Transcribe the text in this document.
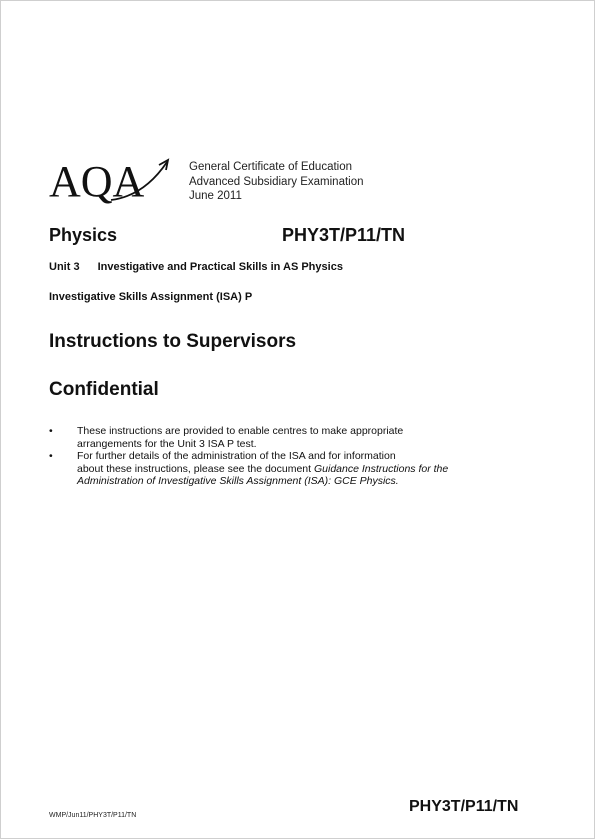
AQA	General Certificate of Education
Advanced Subsidiary Examination
June 2011
Physics	PHY3T/P11/TN
Unit 3 Investigative and Practical Skills in AS Physics
Investigative Skills Assignment (ISA) P
Instructions to Supervisors
Confidential
• These instructions are provided to enable centres to make appropriate
arrangements for the Unit 3 ISA P test.
• For further details of the administration of the ISA and for information
about these instructions, please see the document Guidance Instructions for the
Administration of Investigative Skills Assignment (ISA): GCE Physics.
WMP/Jun11/PHY3T/P11/TN
PHY3T/P11/TN
